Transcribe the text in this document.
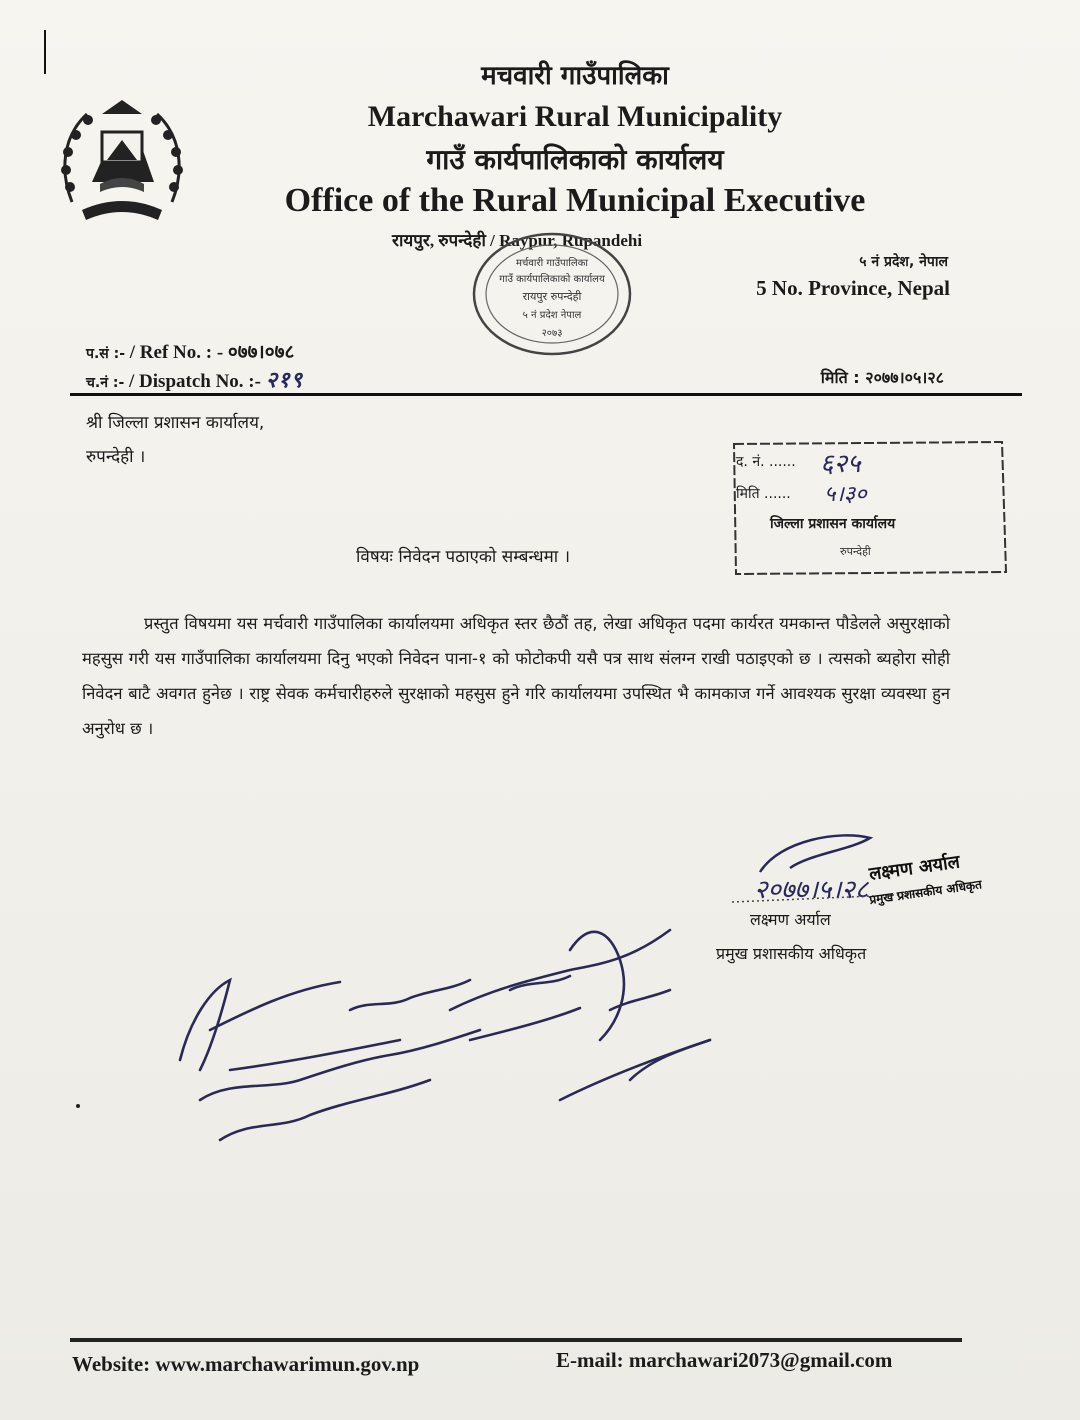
मचवारी गाउँपालिका
Marchawari Rural Municipality
गाउँ कार्यपालिकाको कार्यालय
Office of the Rural Municipal Executive
रायपुर, रुपन्देही / Raypur, Rupandehi
५ नं प्रदेश, नेपाल
5 No. Province, Nepal
मर्चवारी गाउँपालिका
गाउँ कार्यपालिकाको कार्यालय
रायपुर रुपन्देही
५ नं प्रदेश नेपाल
२०७३
प.सं :- / Ref No. : - ०७७।०७८
च.नं :- / Dispatch No. :- २१९	मिति : २०७७।०५।२८
श्री जिल्ला प्रशासन कार्यालय,
रुपन्देही ।	द. नं. ...... ६२५
मिति ...... ५।३०
जिल्ला प्रशासन कार्यालय
रुपन्देही
विषयः निवेदन पठाएको सम्बन्धमा ।
प्रस्तुत विषयमा यस मर्चवारी गाउँपालिका कार्यालयमा अधिकृत स्तर छैठौं तह, लेखा अधिकृत पदमा कार्यरत यमकान्त पौडेलले असुरक्षाको महसुस गरी यस गाउँपालिका कार्यालयमा दिनु भएको निवेदन पाना-१ को फोटोकपी यसै पत्र साथ संलग्न राखी पठाइएको छ । त्यसको ब्यहोरा सोही निवेदन बाटै अवगत हुनेछ । राष्ट्र सेवक कर्मचारीहरुले सुरक्षाको महसुस हुने गरि कार्यालयमा उपस्थित भै कामकाज गर्ने आवश्यक सुरक्षा व्यवस्था हुन अनुरोध छ ।
२०७७।५।२८
लक्ष्मण अर्याल
प्रमुख प्रशासकीय अधिकृत
लक्ष्मण अर्याल
प्रमुख प्रशासकीय अधिकृत
Website: www.marchawarimun.gov.np	E-mail: marchawari2073@gmail.com
